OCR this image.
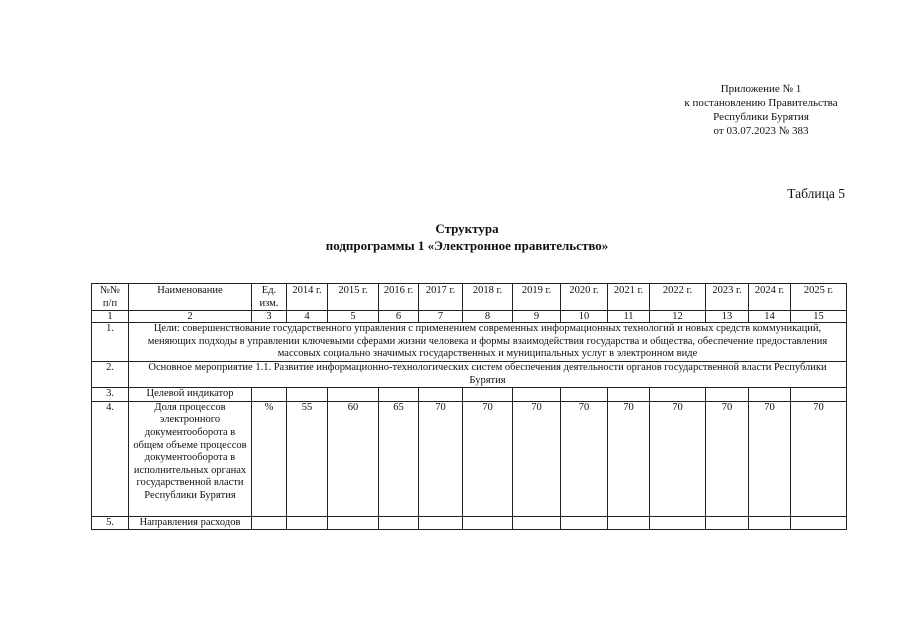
Приложение № 1
к постановлению Правительства
Республики Бурятия
от 03.07.2023 № 383
Таблица 5
Структура
подпрограммы 1 «Электронное правительство»
№№ п/п	Наименование	Ед. изм.	2014 г.	2015 г.	2016 г.	2017 г.	2018 г.	2019 г.	2020 г.	2021 г.	2022 г.	2023 г.	2024 г.	2025 г.
1	2	3	4	5	6	7	8	9	10	11	12	13	14	15
1.	Цели: совершенствование государственного управления с применением современных информационных технологий и новых средств коммуникаций, меняющих подходы в управлении ключевыми сферами жизни человека и формы взаимодействия государства и общества, обеспечение предоставления массовых социально значимых государственных и муниципальных услуг в электронном виде													
2.	Основное мероприятие 1.1. Развитие информационно-технологических систем обеспечения деятельности органов государственной власти Республики Бурятия													
3.	Целевой индикатор													
4.	Доля процессов электронного документооборота в общем объеме процессов документооборота в исполнительных органах государственной власти Республики Бурятия	%	55	60	65	70	70	70	70	70	70	70	70	70
5.	Направления расходов													
